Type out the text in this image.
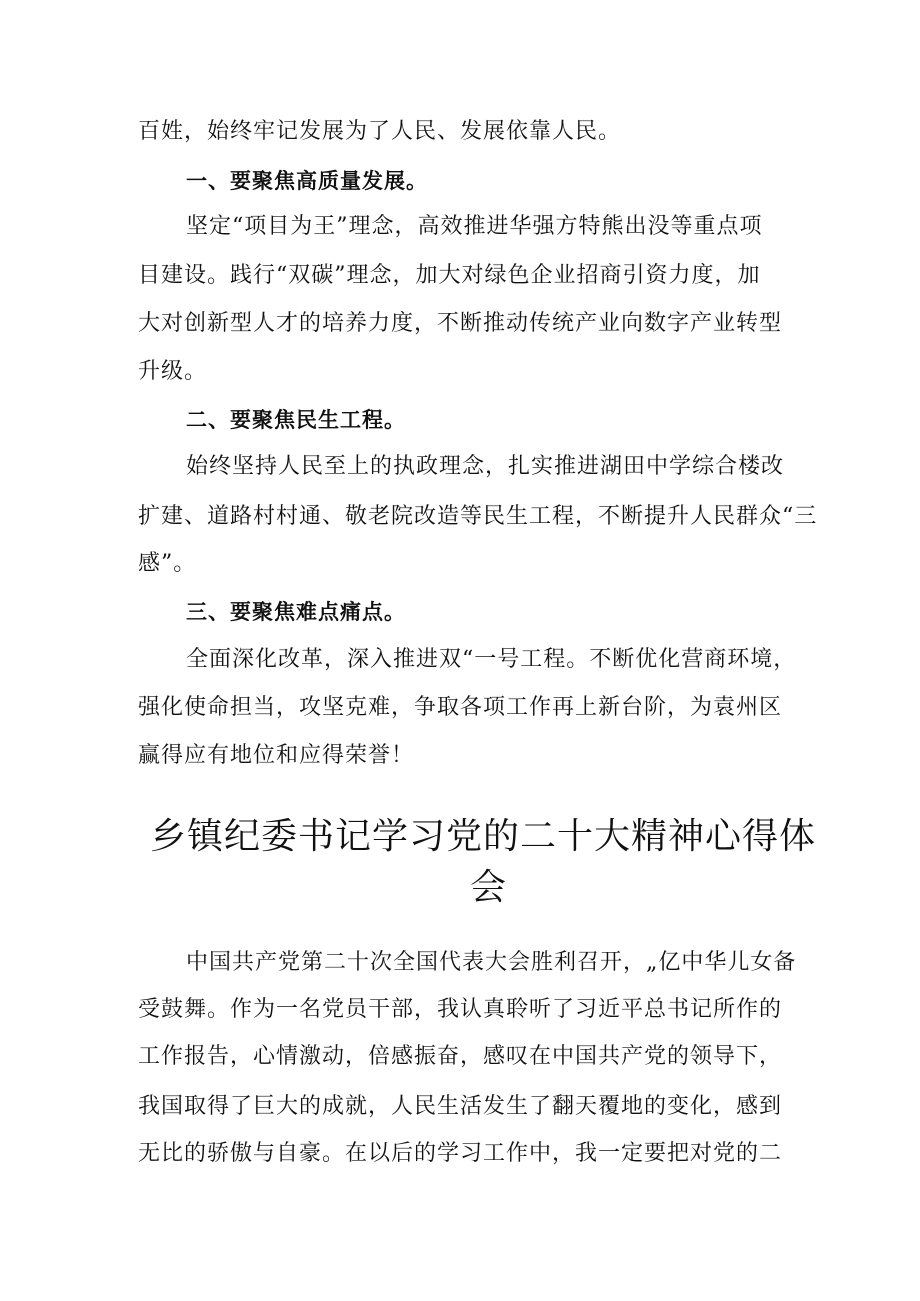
百姓，始终牢记发展为了人民、发展依靠人民。
一、要聚焦高质量发展。
坚定“项目为王”理念，高效推进华强方特熊出没等重点项
目建设。践行“双碳”理念，加大对绿色企业招商引资力度，加
大对创新型人才的培养力度，不断推动传统产业向数字产业转型
升级。
二、要聚焦民生工程。
始终坚持人民至上的执政理念，扎实推进湖田中学综合楼改
扩建、道路村村通、敬老院改造等民生工程，不断提升人民群众“三
感”。
三、要聚焦难点痛点。
全面深化改革，深入推进双“一号工程。不断优化营商环境，
强化使命担当，攻坚克难，争取各项工作再上新台阶，为袁州区
赢得应有地位和应得荣誉！
乡镇纪委书记学习党的二十大精神心得体
会
中国共产党第二十次全国代表大会胜利召开，„亿中华儿女备
受鼓舞。作为一名党员干部，我认真聆听了习近平总书记所作的
工作报告，心情激动，倍感振奋，感叹在中国共产党的领导下，
我国取得了巨大的成就，人民生活发生了翻天覆地的变化，感到
无比的骄傲与自豪。在以后的学习工作中，我一定要把对党的二
